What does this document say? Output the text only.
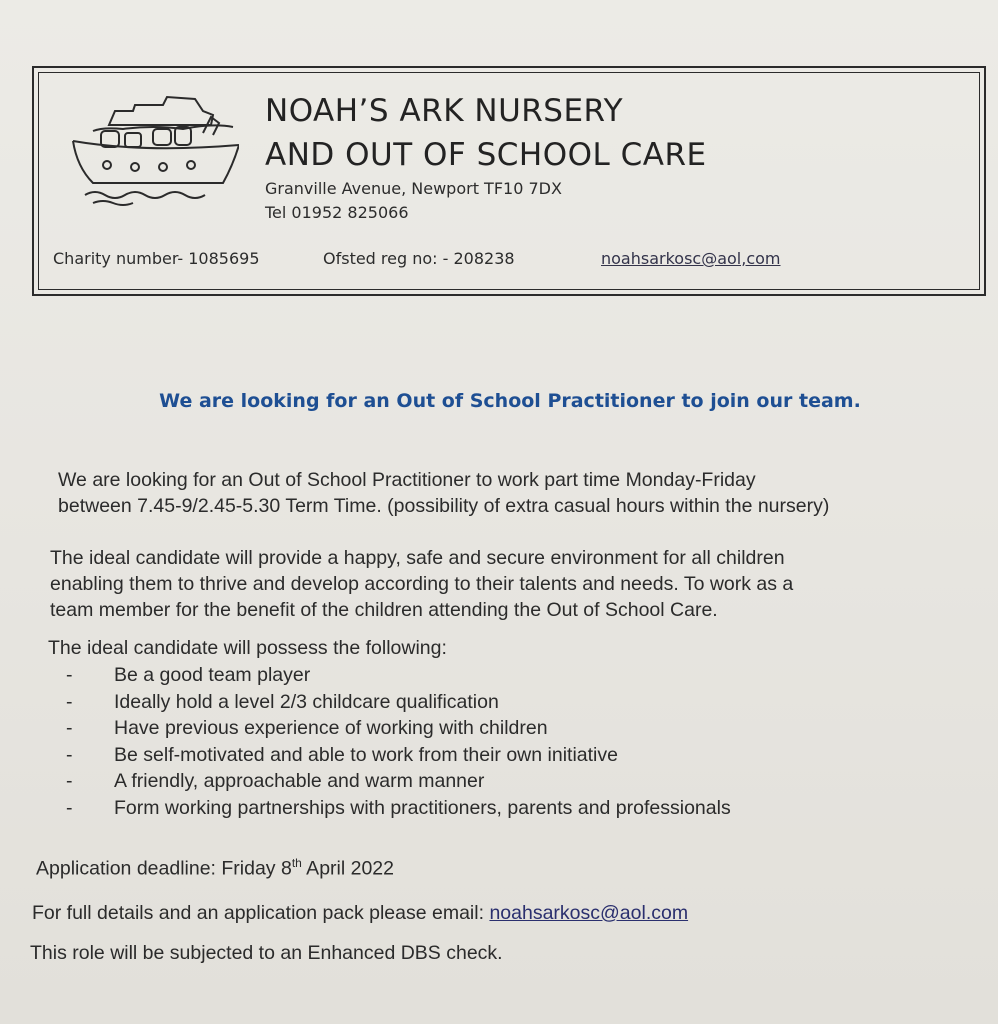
NOAH’S ARK NURSERY
AND OUT OF SCHOOL CARE
Granville Avenue, Newport TF10 7DX
Tel 01952 825066
Charity number- 1085695	Ofsted reg no: - 208238	noahsarkosc@aol,com
We are looking for an Out of School Practitioner to join our team.
We are looking for an Out of School Practitioner to work part time Monday-Friday
between 7.45-9/2.45-5.30 Term Time. (possibility of extra casual hours within the nursery)
The ideal candidate will provide a happy, safe and secure environment for all children
enabling them to thrive and develop according to their talents and needs. To work as a
team member for the benefit of the children attending the Out of School Care.
The ideal candidate will possess the following:
-	Be a good team player
-	Ideally hold a level 2/3 childcare qualification
-	Have previous experience of working with children
-	Be self-motivated and able to work from their own initiative
-	A friendly, approachable and warm manner
-	Form working partnerships with practitioners, parents and professionals
Application deadline: Friday 8th April 2022
For full details and an application pack please email: noahsarkosc@aol.com
This role will be subjected to an Enhanced DBS check.
